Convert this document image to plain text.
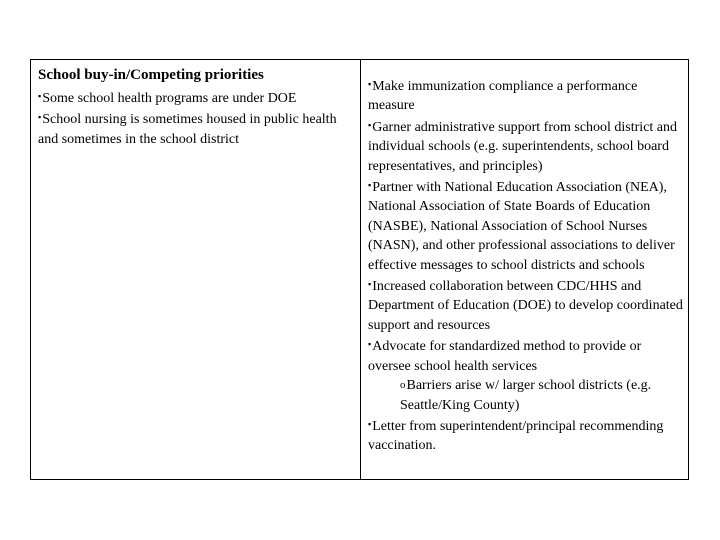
School buy-in/Competing priorities

▪Some school health programs are under DOE

▪School nursing is sometimes housed in public health and sometimes in the school district

▪Make immunization compliance a performance measure

▪Garner administrative support from school district and individual schools (e.g. superintendents, school board representatives, and principles)

▪Partner with National Education Association (NEA), National Association of State Boards of Education (NASBE), National Association of School Nurses (NASN), and other professional associations to deliver effective messages to school districts and schools

▪Increased collaboration between CDC/HHS and Department of Education (DOE) to develop coordinated support and resources

▪Advocate for standardized method to provide or oversee school health services

oBarriers arise w/ larger school districts (e.g. Seattle/King County)

▪Letter from superintendent/principal recommending vaccination.
